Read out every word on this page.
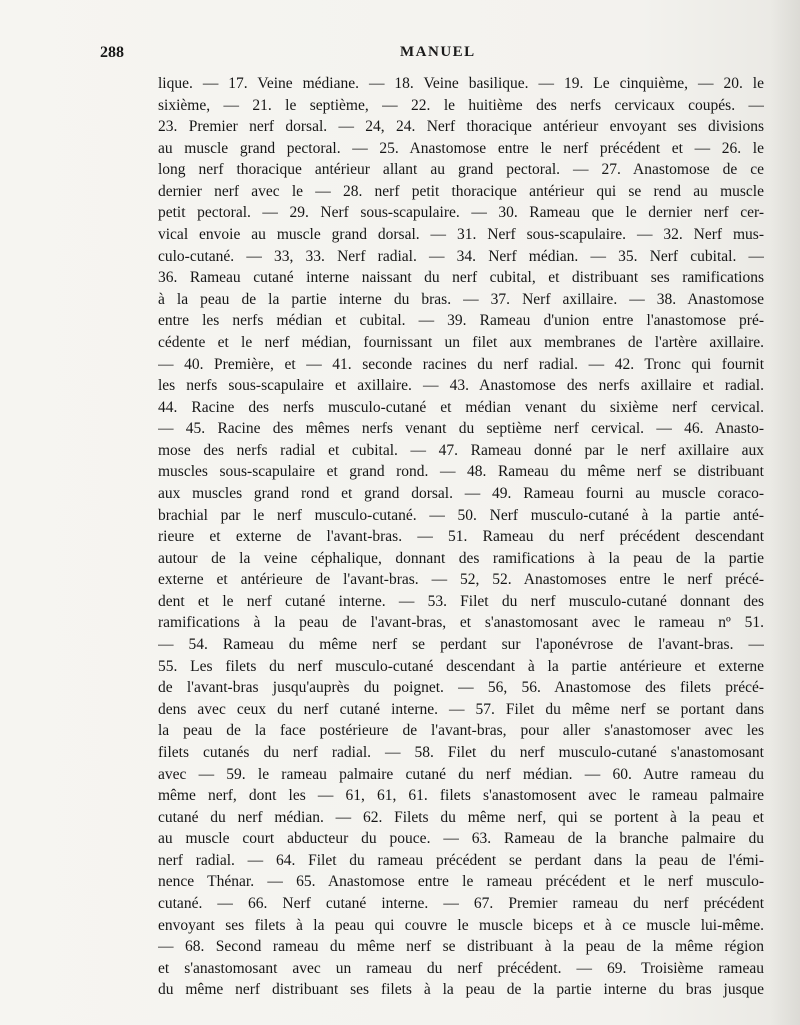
288	MANUEL
lique. — 17. Veine médiane. — 18. Veine basilique. — 19. Le cinquième, — 20. le
sixième, — 21. le septième, — 22. le huitième des nerfs cervicaux coupés. —
23. Premier nerf dorsal. — 24, 24. Nerf thoracique antérieur envoyant ses divisions
au muscle grand pectoral. — 25. Anastomose entre le nerf précédent et — 26. le
long nerf thoracique antérieur allant au grand pectoral. — 27. Anastomose de ce
dernier nerf avec le — 28. nerf petit thoracique antérieur qui se rend au muscle
petit pectoral. — 29. Nerf sous-scapulaire. — 30. Rameau que le dernier nerf cer-
vical envoie au muscle grand dorsal. — 31. Nerf sous-scapulaire. — 32. Nerf mus-
culo-cutané. — 33, 33. Nerf radial. — 34. Nerf médian. — 35. Nerf cubital. —
36. Rameau cutané interne naissant du nerf cubital, et distribuant ses ramifications
à la peau de la partie interne du bras. — 37. Nerf axillaire. — 38. Anastomose
entre les nerfs médian et cubital. — 39. Rameau d'union entre l'anastomose pré-
cédente et le nerf médian, fournissant un filet aux membranes de l'artère axillaire.
— 40. Première, et — 41. seconde racines du nerf radial. — 42. Tronc qui fournit
les nerfs sous-scapulaire et axillaire. — 43. Anastomose des nerfs axillaire et radial.
44. Racine des nerfs musculo-cutané et médian venant du sixième nerf cervical.
— 45. Racine des mêmes nerfs venant du septième nerf cervical. — 46. Anasto-
mose des nerfs radial et cubital. — 47. Rameau donné par le nerf axillaire aux
muscles sous-scapulaire et grand rond. — 48. Rameau du même nerf se distribuant
aux muscles grand rond et grand dorsal. — 49. Rameau fourni au muscle coraco-
brachial par le nerf musculo-cutané. — 50. Nerf musculo-cutané à la partie anté-
rieure et externe de l'avant-bras. — 51. Rameau du nerf précédent descendant
autour de la veine céphalique, donnant des ramifications à la peau de la partie
externe et antérieure de l'avant-bras. — 52, 52. Anastomoses entre le nerf précé-
dent et le nerf cutané interne. — 53. Filet du nerf musculo-cutané donnant des
ramifications à la peau de l'avant-bras, et s'anastomosant avec le rameau nº 51.
— 54. Rameau du même nerf se perdant sur l'aponévrose de l'avant-bras. —
55. Les filets du nerf musculo-cutané descendant à la partie antérieure et externe
de l'avant-bras jusqu'auprès du poignet. — 56, 56. Anastomose des filets précé-
dens avec ceux du nerf cutané interne. — 57. Filet du même nerf se portant dans
la peau de la face postérieure de l'avant-bras, pour aller s'anastomoser avec les
filets cutanés du nerf radial. — 58. Filet du nerf musculo-cutané s'anastomosant
avec — 59. le rameau palmaire cutané du nerf médian. — 60. Autre rameau du
même nerf, dont les — 61, 61, 61. filets s'anastomosent avec le rameau palmaire
cutané du nerf médian. — 62. Filets du même nerf, qui se portent à la peau et
au muscle court abducteur du pouce. — 63. Rameau de la branche palmaire du
nerf radial. — 64. Filet du rameau précédent se perdant dans la peau de l'émi-
nence Thénar. — 65. Anastomose entre le rameau précédent et le nerf musculo-
cutané. — 66. Nerf cutané interne. — 67. Premier rameau du nerf précédent
envoyant ses filets à la peau qui couvre le muscle biceps et à ce muscle lui-même.
— 68. Second rameau du même nerf se distribuant à la peau de la même région
et s'anastomosant avec un rameau du nerf précédent. — 69. Troisième rameau
du même nerf distribuant ses filets à la peau de la partie interne du bras jusque
